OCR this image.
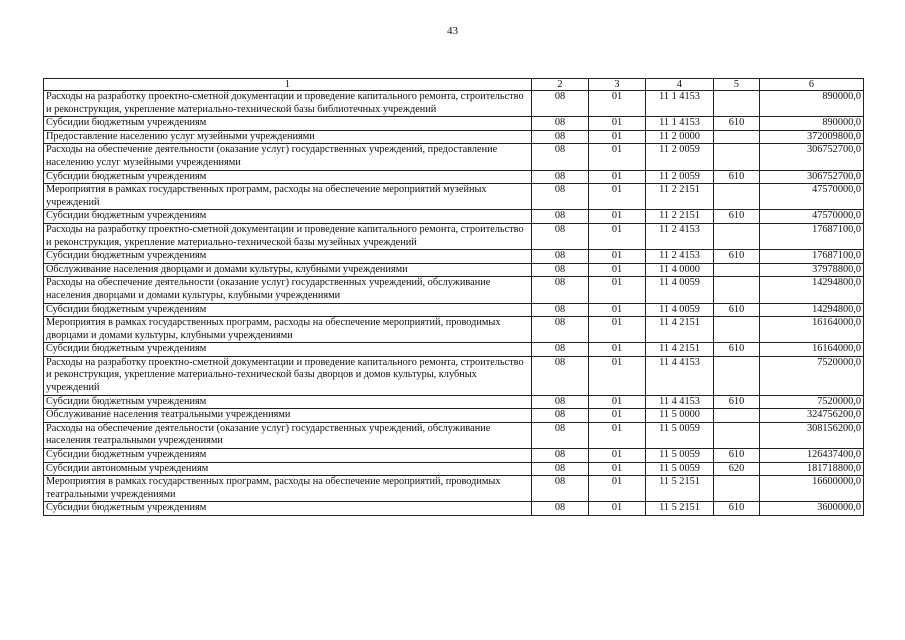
43
1	2	3	4	5	6
Расходы на разработку проектно-сметной документации и проведение капитального ремонта, строительство и реконструкция, укрепление материально-технической базы библиотечных учреждений	08	01	11 1 4153		890000,0
Субсидии бюджетным учреждениям	08	01	11 1 4153	610	890000,0
Предоставление населению услуг музейными учреждениями	08	01	11 2 0000		372009800,0
Расходы на обеспечение деятельности (оказание услуг) государственных учреждений, предоставление населению услуг музейными учреждениями	08	01	11 2 0059		306752700,0
Субсидии бюджетным учреждениям	08	01	11 2 0059	610	306752700,0
Мероприятия в рамках государственных программ, расходы на обеспечение мероприятий музейных учреждений	08	01	11 2 2151		47570000,0
Субсидии бюджетным учреждениям	08	01	11 2 2151	610	47570000,0
Расходы на разработку проектно-сметной документации и проведение капитального ремонта, строительство и реконструкция, укрепление материально-технической базы музейных учреждений	08	01	11 2 4153		17687100,0
Субсидии бюджетным учреждениям	08	01	11 2 4153	610	17687100,0
Обслуживание населения дворцами и домами культуры, клубными учреждениями	08	01	11 4 0000		37978800,0
Расходы на обеспечение деятельности (оказание услуг) государственных учреждений, обслуживание населения дворцами и домами культуры, клубными учреждениями	08	01	11 4 0059		14294800,0
Субсидии бюджетным учреждениям	08	01	11 4 0059	610	14294800,0
Мероприятия в рамках государственных программ, расходы на обеспечение мероприятий, проводимых дворцами и домами культуры, клубными учреждениями	08	01	11 4 2151		16164000,0
Субсидии бюджетным учреждениям	08	01	11 4 2151	610	16164000,0
Расходы на разработку проектно-сметной документации и проведение капитального ремонта, строительство и реконструкция, укрепление материально-технической базы дворцов и домов культуры, клубных учреждений	08	01	11 4 4153		7520000,0
Субсидии бюджетным учреждениям	08	01	11 4 4153	610	7520000,0
Обслуживание населения театральными учреждениями	08	01	11 5 0000		324756200,0
Расходы на обеспечение деятельности (оказание услуг) государственных учреждений, обслуживание населения театральными учреждениями	08	01	11 5 0059		308156200,0
Субсидии бюджетным учреждениям	08	01	11 5 0059	610	126437400,0
Субсидии автономным учреждениям	08	01	11 5 0059	620	181718800,0
Мероприятия в рамках государственных программ, расходы на обеспечение мероприятий, проводимых театральными учреждениями	08	01	11 5 2151		16600000,0
Субсидии бюджетным учреждениям	08	01	11 5 2151	610	3600000,0
